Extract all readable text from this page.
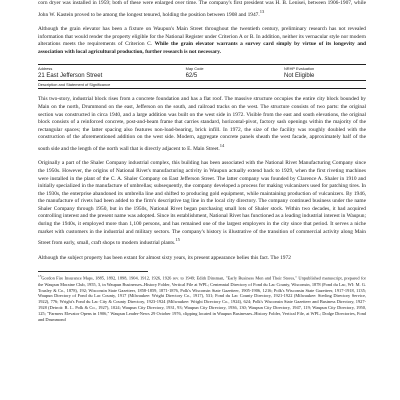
corn dryer was installed in 1959; both of these were enlarged over time. The company's first president was H. B. Lenisei, between 1906-1907, while John W. Kastein proved to be among the longest tenured, holding the position between 1908 and 1947.13

Although the grain elevator has been a fixture on Waupun's Main Street throughout the twentieth century, preliminary research has not revealed information that would render the property eligible for the National Register under Criterion A or B. In addition, neither its vernacular style nor modern alterations meets the requirements of Criterion C. While the grain elevator warrants a survey card simply by virtue of its longevity and association with local agricultural production, further research is not necessary.

Address	Map Code	NRHP Evaluation
21 East Jefferson Street	62/5	Not Eligible
Description and Statement of Significance		

This two-story, industrial block rises from a concrete foundation and has a flat roof. The massive structure occupies the entire city block bounded by Main on the north, Drummond on the east, Jefferson on the south, and railroad tracks on the west. The structure consists of two parts: the original section was constructed in circa 1940, and a large addition was built on the west side in 1972. Visible from the east and south elevations, the original block consists of a reinforced concrete, post-and-beam frame that carries standard, horizontal-pivot, factory sash openings within the majority of the rectangular spaces; the latter spacing also features non-load-bearing, brick infill. In 1972, the size of the facility was roughly doubled with the construction of the aforementioned addition on the west side. Modern, aggregate concrete panels sheath the west facade, approximately half of the south side and the length of the north wall that is directly adjacent to E. Main Street.$^{14}$

Originally a part of the Shaler Company industrial complex, this building has been associated with the National Rivet Manufacturing Company since the 1950s. However, the origins of National Rivet's manufacturing activity in Waupun actually extend back to 1929, when the first riveting machines were installed in the plant of the C. A. Shaler Company on East Jefferson Street. The latter company was founded by Clarence A. Shaler in 1910 and initially specialized in the manufacture of umbrellas; subsequently, the company developed a process for making vulcanizers used for patching tires. In the 1930s, the enterprise abandoned its umbrella line and shifted to producing gold equipment, while maintaining production of vulcanizers. By 1946, the manufacture of rivets had been added to the firm's descriptive tag line in the local city directory. The company continued business under the name Shaler Company through 1950, but in the 1950s, National Rivet began purchasing small lots of Shaler stock. Within two decades, it had acquired controlling interest and the present name was adopted. Since its establishment, National Rivet has functioned as a leading industrial interest in Waupun; during the 1940s, it employed more than 1,100 persons, and has remained one of the largest employers in the city since that period. It serves a niche market with customers in the industrial and military sectors. The company's history is illustrative of the transition of commercial activity along Main Street from early, small, craft shops to modern industrial plants.$^{15}$

Although the subject property has been extant for almost sixty years, its present appearance belies this fact. The 1972

$^{13}$Gordon Fire Insurance Maps, 1885, 1892, 1898, 1904, 1912, 1926, 1926 rev. to 1949; Edith Dinsman, "Early Business Men and Their Stores," Unpublished manuscript, prepared for the Waupun Moraine Club, 1955, 3, in Waupun Businesses–History Folder, Vertical File at WPL; Centennial Directory of Fond du Lac County, Wisconsin, 1878 (Fond du Lac, WI: M. G. Tousley & Co., 1878), 192; Wisconsin State Gazetteer, 1858-1859, 1871-1876, Polk's Wisconsin State Gazetteer, 1905-1906, 1216; Polk's Wisconsin State Gazetteer, 1917-1918, 1135; Waupun Directory of Fond du Lac County, 1917 (Milwaukee: Wright Directory Co., 1917), 531; Fond du Lac County Directory, 1921-1922 (Milwaukee: Sterling Directory Service, 1922), 776; Wright's Fond du Lac City & County Directory, 1923-1924 (Milwaukee: Wright Directory Co., 1924), 624; Polk's Wisconsin State Gazetteer and Business Directory, 1927-1928 (Detroit: R. L. Polk & Co., 1927), 1024; Waupun City Directory, 1931, 93; Waupun City Directory, 1936, 130; Waupun City Directory, 1947, 119; Waupun City Directory, 1950, 125; "Farmers Elevator Opens in 1906," Waupun Leader-News 29 October 1976, clipping located in Waupun Businesses–History Folder, Vertical File, at WPL; Dodge Directories, Fond and Drummond
